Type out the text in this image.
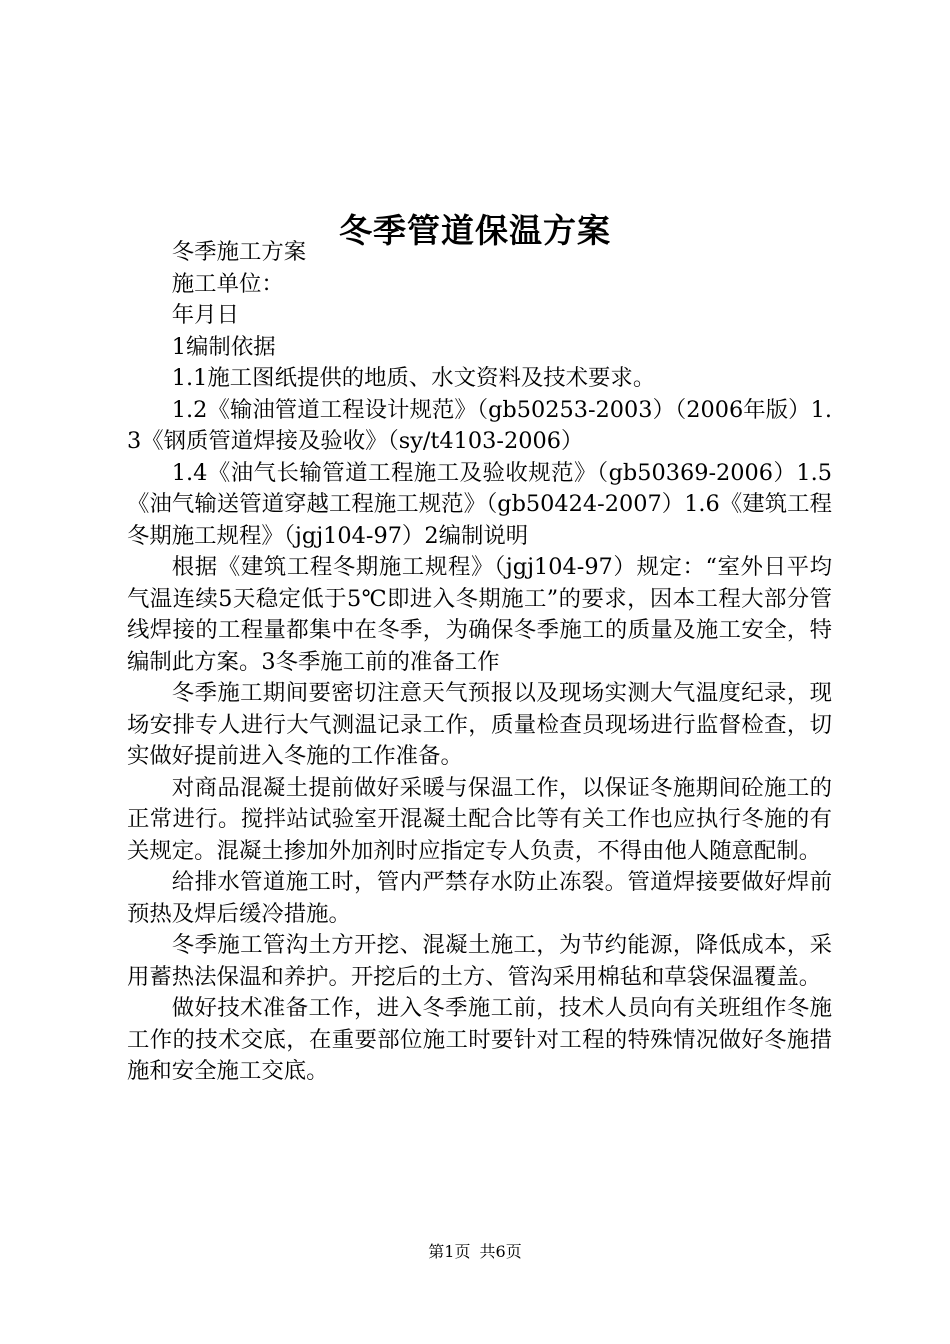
冬季管道保温方案

冬季施工方案

施工单位：

年月日

1编制依据

1.1施工图纸提供的地质、水文资料及技术要求。

1.2《输油管道工程设计规范》（gb50253-2003）（2006年版）1.3《钢质管道焊接及验收》（sy/t4103-2006）

1.4《油气长输管道工程施工及验收规范》（gb50369-2006）1.5《油气输送管道穿越工程施工规范》（gb50424-2007）1.6《建筑工程冬期施工规程》（jgj104-97）2编制说明

根据《建筑工程冬期施工规程》（jgj104-97）规定：“室外日平均气温连续5天稳定低于5℃即进入冬期施工”的要求，因本工程大部分管线焊接的工程量都集中在冬季，为确保冬季施工的质量及施工安全，特编制此方案。3冬季施工前的准备工作

冬季施工期间要密切注意天气预报以及现场实测大气温度纪录，现场安排专人进行大气测温记录工作，质量检查员现场进行监督检查，切实做好提前进入冬施的工作准备。

对商品混凝土提前做好采暖与保温工作，以保证冬施期间砼施工的正常进行。搅拌站试验室开混凝土配合比等有关工作也应执行冬施的有关规定。混凝土掺加外加剂时应指定专人负责，不得由他人随意配制。

给排水管道施工时，管内严禁存水防止冻裂。管道焊接要做好焊前预热及焊后缓冷措施。

冬季施工管沟土方开挖、混凝土施工，为节约能源，降低成本，采用蓄热法保温和养护。开挖后的土方、管沟采用棉毡和草袋保温覆盖。

做好技术准备工作，进入冬季施工前，技术人员向有关班组作冬施工作的技术交底，在重要部位施工时要针对工程的特殊情况做好冬施措施和安全施工交底。

第1页 共6页
